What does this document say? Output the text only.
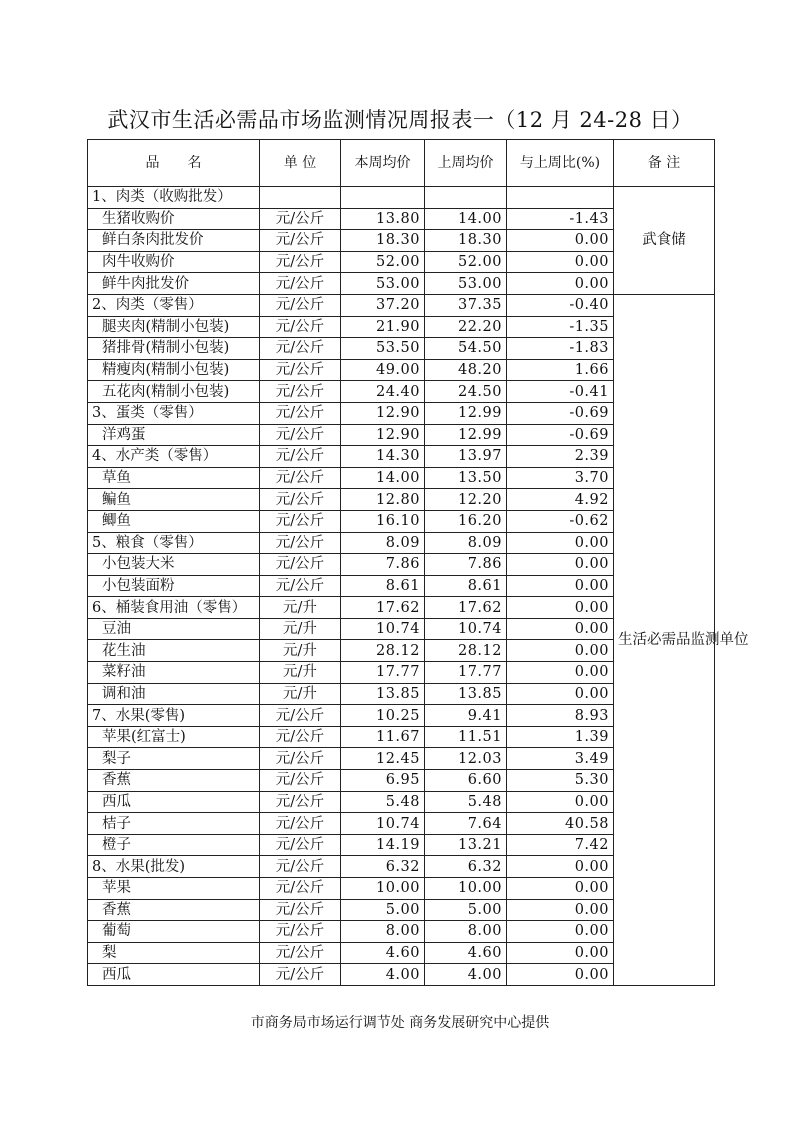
武汉市生活必需品市场监测情况周报表一（12 月 24-28 日）
品　　名	单 位	本周均价	上周均价	与上周比(%)	备 注
1、肉类（收购批发）					武食储
生猪收购价	元/公斤	13.80	14.00	-1.43	
鲜白条肉批发价	元/公斤	18.30	18.30	0.00	
肉牛收购价	元/公斤	52.00	52.00	0.00	
鲜牛肉批发价	元/公斤	53.00	53.00	0.00	
2、肉类（零售）	元/公斤	37.20	37.35	-0.40	生活必需品监测单位
腿夹肉(精制小包装)	元/公斤	21.90	22.20	-1.35	
猪排骨(精制小包装)	元/公斤	53.50	54.50	-1.83	
精瘦肉(精制小包装)	元/公斤	49.00	48.20	1.66	
五花肉(精制小包装)	元/公斤	24.40	24.50	-0.41	
3、蛋类（零售）	元/公斤	12.90	12.99	-0.69	
洋鸡蛋	元/公斤	12.90	12.99	-0.69	
4、水产类（零售）	元/公斤	14.30	13.97	2.39	
草鱼	元/公斤	14.00	13.50	3.70	
鳊鱼	元/公斤	12.80	12.20	4.92	
鲫鱼	元/公斤	16.10	16.20	-0.62	
5、粮食（零售）	元/公斤	8.09	8.09	0.00	
小包装大米	元/公斤	7.86	7.86	0.00	
小包装面粉	元/公斤	8.61	8.61	0.00	
6、桶装食用油（零售）	元/升	17.62	17.62	0.00	
豆油	元/升	10.74	10.74	0.00	
花生油	元/升	28.12	28.12	0.00	
菜籽油	元/升	17.77	17.77	0.00	
调和油	元/升	13.85	13.85	0.00	
7、水果(零售)	元/公斤	10.25	9.41	8.93	
苹果(红富士)	元/公斤	11.67	11.51	1.39	
梨子	元/公斤	12.45	12.03	3.49	
香蕉	元/公斤	6.95	6.60	5.30	
西瓜	元/公斤	5.48	5.48	0.00	
桔子	元/公斤	10.74	7.64	40.58	
橙子	元/公斤	14.19	13.21	7.42	
8、水果(批发)	元/公斤	6.32	6.32	0.00	
苹果	元/公斤	10.00	10.00	0.00	
香蕉	元/公斤	5.00	5.00	0.00	
葡萄	元/公斤	8.00	8.00	0.00	
梨	元/公斤	4.60	4.60	0.00	
西瓜	元/公斤	4.00	4.00	0.00	
市商务局市场运行调节处 商务发展研究中心提供
